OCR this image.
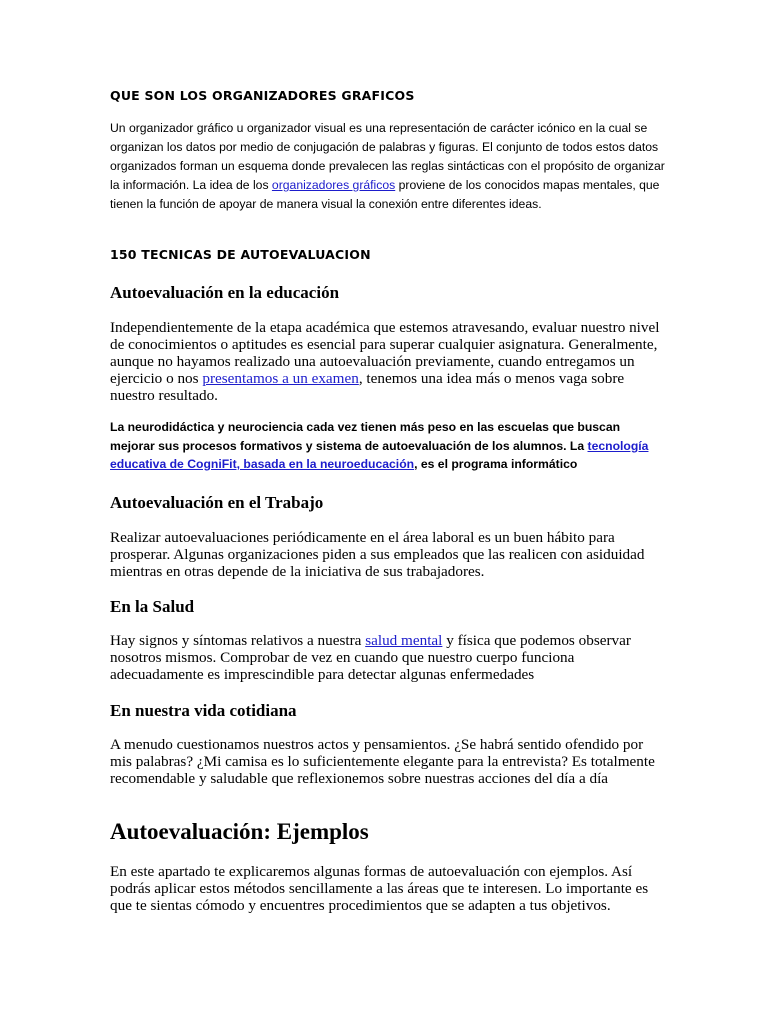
QUE SON LOS ORGANIZADORES GRAFICOS

Un organizador gráfico u organizador visual es una representación de carácter icónico en la cual se organizan los datos por medio de conjugación de palabras y figuras. El conjunto de todos estos datos organizados forman un esquema donde prevalecen las reglas sintácticas con el propósito de organizar la información. La idea de los organizadores gráficos proviene de los conocidos mapas mentales, que tienen la función de apoyar de manera visual la conexión entre diferentes ideas.

150 TECNICAS DE AUTOEVALUACION
Autoevaluación en la educación

Independientemente de la etapa académica que estemos atravesando, evaluar nuestro nivel de conocimientos o aptitudes es esencial para superar cualquier asignatura. Generalmente, aunque no hayamos realizado una autoevaluación previamente, cuando entregamos un ejercicio o nos presentamos a un examen, tenemos una idea más o menos vaga sobre nuestro resultado.

La neurodidáctica y neurociencia cada vez tienen más peso en las escuelas que buscan mejorar sus procesos formativos y sistema de autoevaluación de los alumnos. La tecnología educativa de CogniFit, basada en la neuroeducación, es el programa informático

Autoevaluación en el Trabajo

Realizar autoevaluaciones periódicamente en el área laboral es un buen hábito para prosperar. Algunas organizaciones piden a sus empleados que las realicen con asiduidad mientras en otras depende de la iniciativa de sus trabajadores.

En la Salud

Hay signos y síntomas relativos a nuestra salud mental y física que podemos observar nosotros mismos. Comprobar de vez en cuando que nuestro cuerpo funciona adecuadamente es imprescindible para detectar algunas enfermedades

En nuestra vida cotidiana

A menudo cuestionamos nuestros actos y pensamientos. ¿Se habrá sentido ofendido por mis palabras? ¿Mi camisa es lo suficientemente elegante para la entrevista? Es totalmente recomendable y saludable que reflexionemos sobre nuestras acciones del día a día

Autoevaluación: Ejemplos

En este apartado te explicaremos algunas formas de autoevaluación con ejemplos. Así podrás aplicar estos métodos sencillamente a las áreas que te interesen. Lo importante es que te sientas cómodo y encuentres procedimientos que se adapten a tus objetivos.
